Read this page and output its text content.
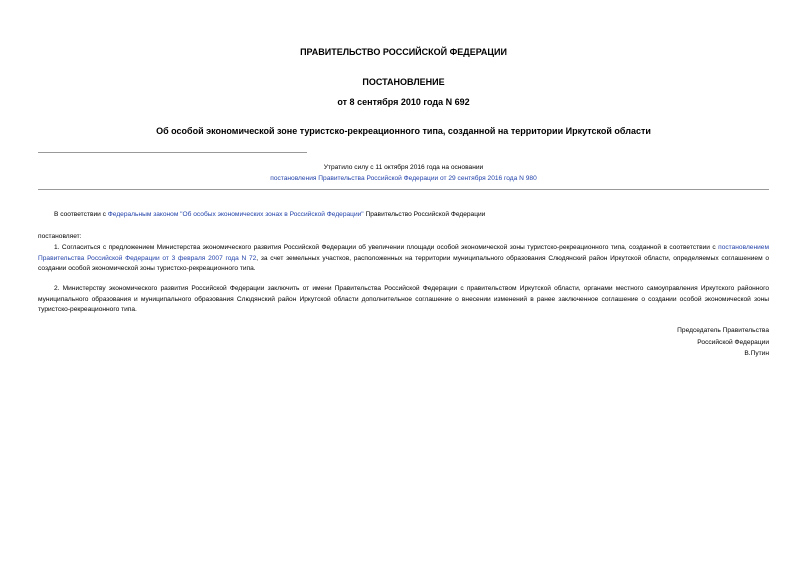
ПРАВИТЕЛЬСТВО РОССИЙСКОЙ ФЕДЕРАЦИИ
ПОСТАНОВЛЕНИЕ
от 8 сентября 2010 года N 692
Об особой экономической зоне туристско-рекреационного типа, созданной на территории Иркутской области
Утратило силу с 11 октября 2016 года на основании
постановления Правительства Российской Федерации от 29 сентября 2016 года N 980
В соответствии с Федеральным законом "Об особых экономических зонах в Российской Федерации" Правительство Российской Федерации
постановляет:
1. Согласиться с предложением Министерства экономического развития Российской Федерации об увеличении площади особой экономической зоны туристско-рекреационного типа, созданной в соответствии с постановлением Правительства Российской Федерации от 3 февраля 2007 года N 72, за счет земельных участков, расположенных на территории муниципального образования Слюдянский район Иркутской области, определяемых соглашением о создании особой экономической зоны туристско-рекреационного типа.
2. Министерству экономического развития Российской Федерации заключить от имени Правительства Российской Федерации с правительством Иркутской области, органами местного самоуправления Иркутского районного муниципального образования и муниципального образования Слюдянский район Иркутской области дополнительное соглашение о внесении изменений в ранее заключенное соглашение о создании особой экономической зоны туристско-рекреационного типа.
Председатель Правительства
Российской Федерации
В.Путин
